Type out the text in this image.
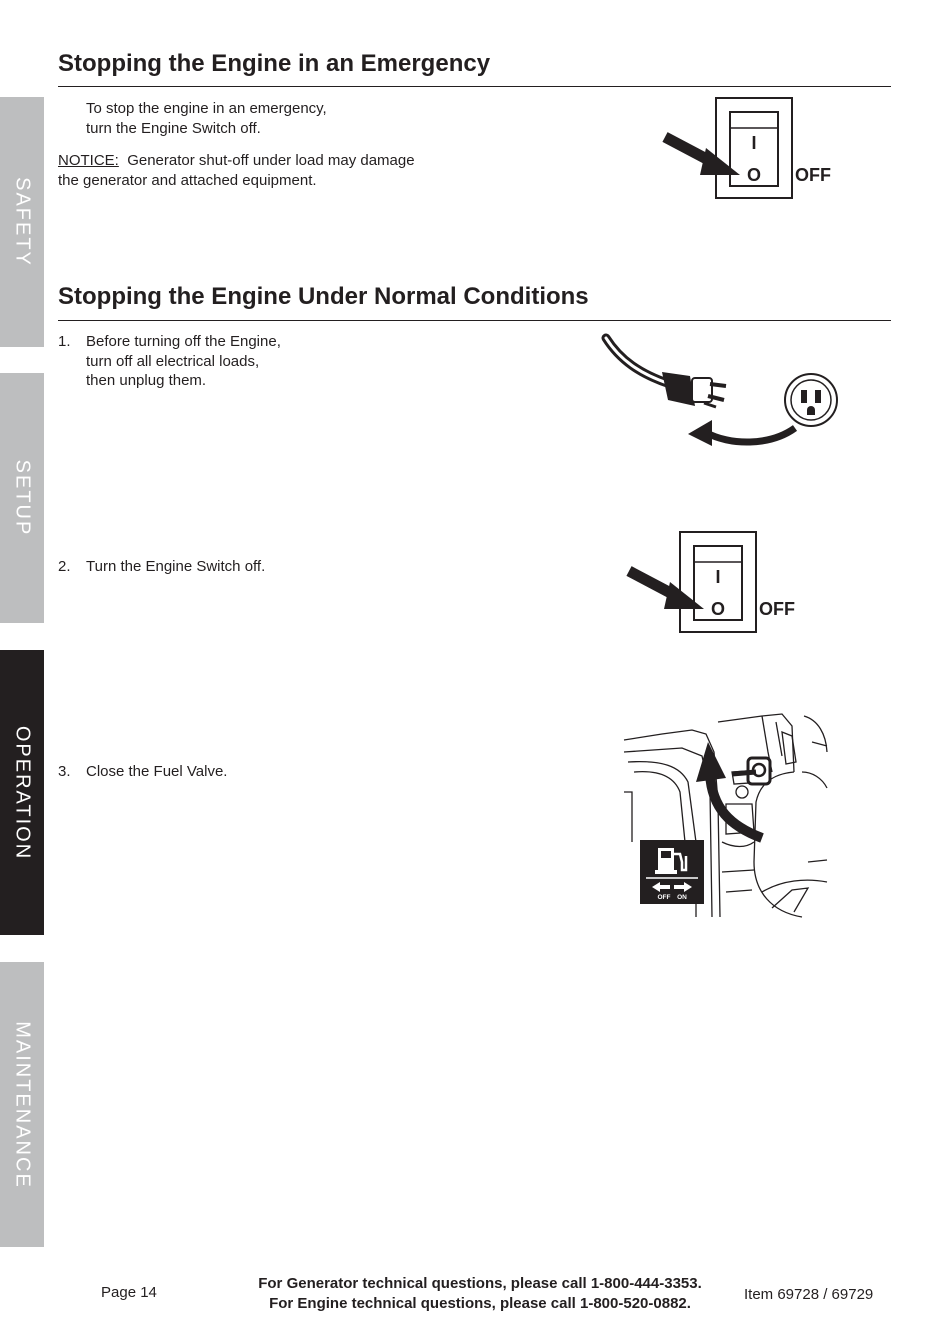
SAFETY
SETUP
OPERATION
MAINTENANCE
Stopping the Engine in an Emergency
To stop the engine in an emergency,
turn the Engine Switch off.
NOTICE: Generator shut-off under load may damage
the generator and attached equipment.
I
O OFF
Stopping the Engine Under Normal Conditions
1. Before turning off the Engine,
turn off all electrical loads,
then unplug them.
2. Turn the Engine Switch off.
I
O OFF
3. Close the Fuel Valve.
OFF ON
Page 14
For Generator technical questions, please call 1-800-444-3353.
For Engine technical questions, please call 1-800-520-0882.	Item 69728 / 69729
